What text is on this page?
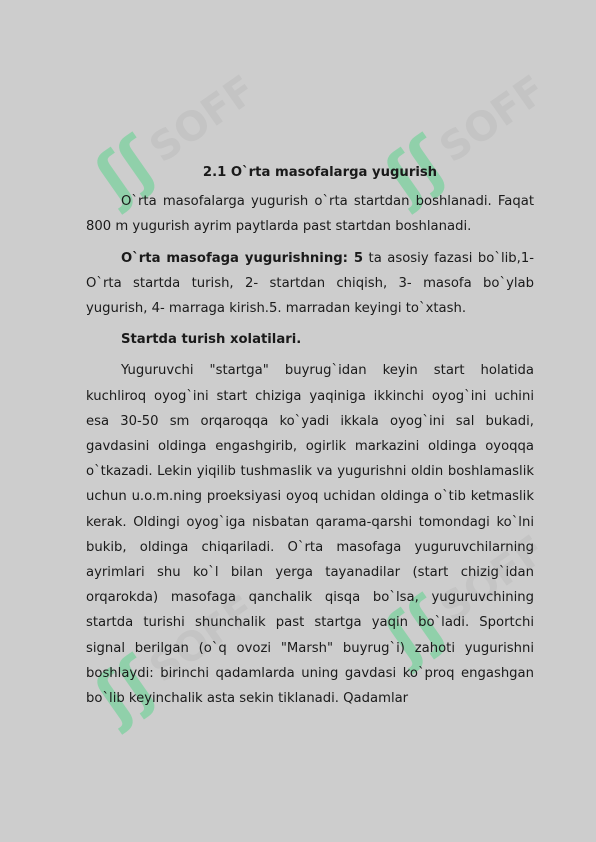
ʃʃ
SOFF ʃʃ
SOFF
ʃʃ
SOFF
ʃʃ
SOFF
2.1 O`rta masofalarga yugurish

O`rta masofalarga yugurish o`rta startdan boshlanadi. Faqat 800 m yugurish ayrim paytlarda past startdan boshlanadi.

O`rta masofaga yugurishning: 5 ta asosiy fazasi bo`lib,1- O`rta startda turish, 2- startdan chiqish, 3- masofa bo`ylab yugurish, 4- marraga kirish.5. marradan keyingi to`xtash.

Startda turish xolatilari.

Yuguruvchi "startga" buyrug`idan keyin start holatida kuchliroq oyog`ini start chiziga yaqiniga ikkinchi oyog`ini uchini esa 30-50 sm orqaroqqa ko`yadi ikkala oyog`ini sal bukadi, gavdasini oldinga engashgirib, ogirlik markazini oldinga oyoqqa o`tkazadi. Lekin yiqilib tushmaslik va yugurishni oldin boshlamaslik uchun u.o.m.ning proeksiyasi oyoq uchidan oldinga o`tib ketmaslik kerak. Oldingi oyog`iga nisbatan qarama-qarshi tomondagi ko`lni bukib, oldinga chiqariladi. O`rta masofaga yuguruvchilarning ayrimlari shu ko`l bilan yerga tayanadilar (start chizig`idan orqarokda) masofaga qanchalik qisqa bo`lsa, yuguruvchining startda turishi shunchalik past startga yaqin bo`ladi. Sportchi signal berilgan (o`q ovozi "Marsh" buyrug`i) zahoti yugurishni boshlaydi: birinchi qadamlarda uning gavdasi ko`proq engashgan bo`lib keyinchalik asta sekin tiklanadi. Qadamlar
